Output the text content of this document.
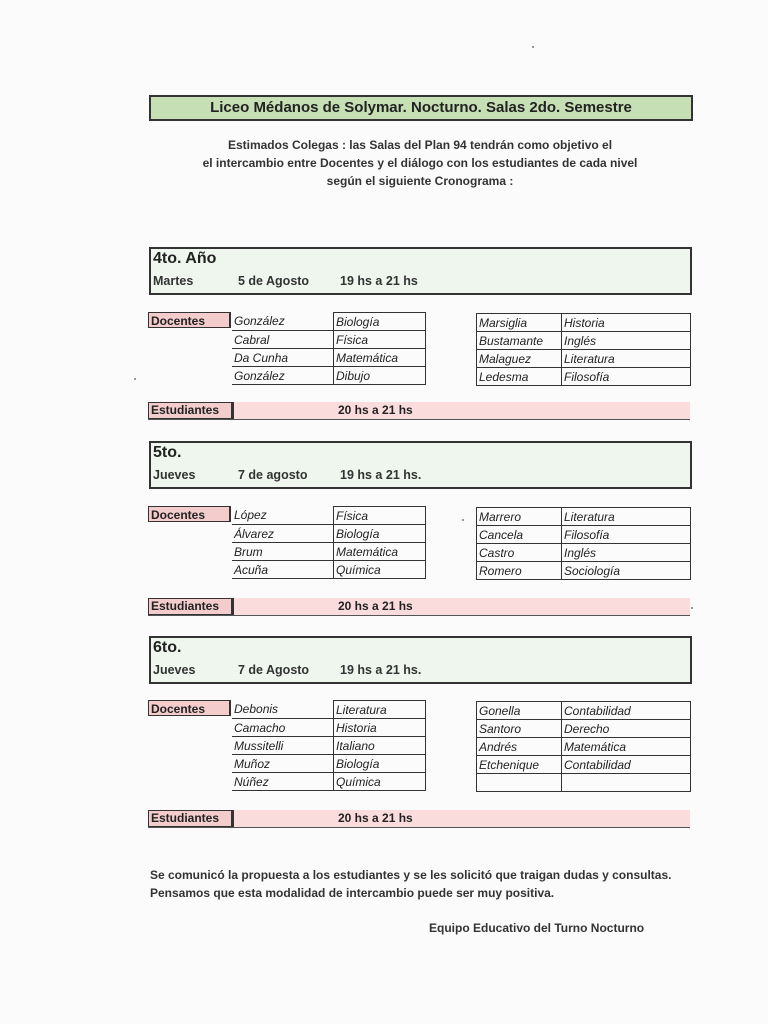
Liceo Médanos de Solymar. Nocturno. Salas 2do. Semestre
Estimados Colegas : las Salas del Plan 94 tendrán como objetivo el
el intercambio entre Docentes y el diálogo con los estudiantes de cada nivel
según el siguiente Cronograma :
4to. Año
Martes	5 de Agosto 19 hs a 21 hs
Docentes	González	Biología
Cabral	Física
Da Cunha	Matemática
González	Dibujo
Marsiglia	Historia
Bustamante	Inglés
Malaguez	Literatura
Ledesma	Filosofía
Estudiantes	20 hs a 21 hs
5to.
Jueves	7 de agosto	19 hs a 21 hs.
Docentes	López	Física
Álvarez	Biología
Brum	Matemática
Acuña	Química
Marrero	Literatura
Cancela	Filosofía
Castro	Inglés
Romero	Sociología
Estudiantes	20 hs a 21 hs
6to.
Jueves	7 de Agosto 19 hs a 21 hs.
Docentes	Debonis	Literatura
Camacho	Historia
Mussitelli	Italiano
Muñoz	Biología
Núñez	Química
Gonella	Contabilidad
Santoro	Derecho
Andrés	Matemática
Etchenique	Contabilidad

Estudiantes	20 hs a 21 hs
Se comunicó la propuesta a los estudiantes y se les solicitó que traigan dudas y consultas.
Pensamos que esta modalidad de intercambio puede ser muy positiva.
Equipo Educativo del Turno Nocturno
